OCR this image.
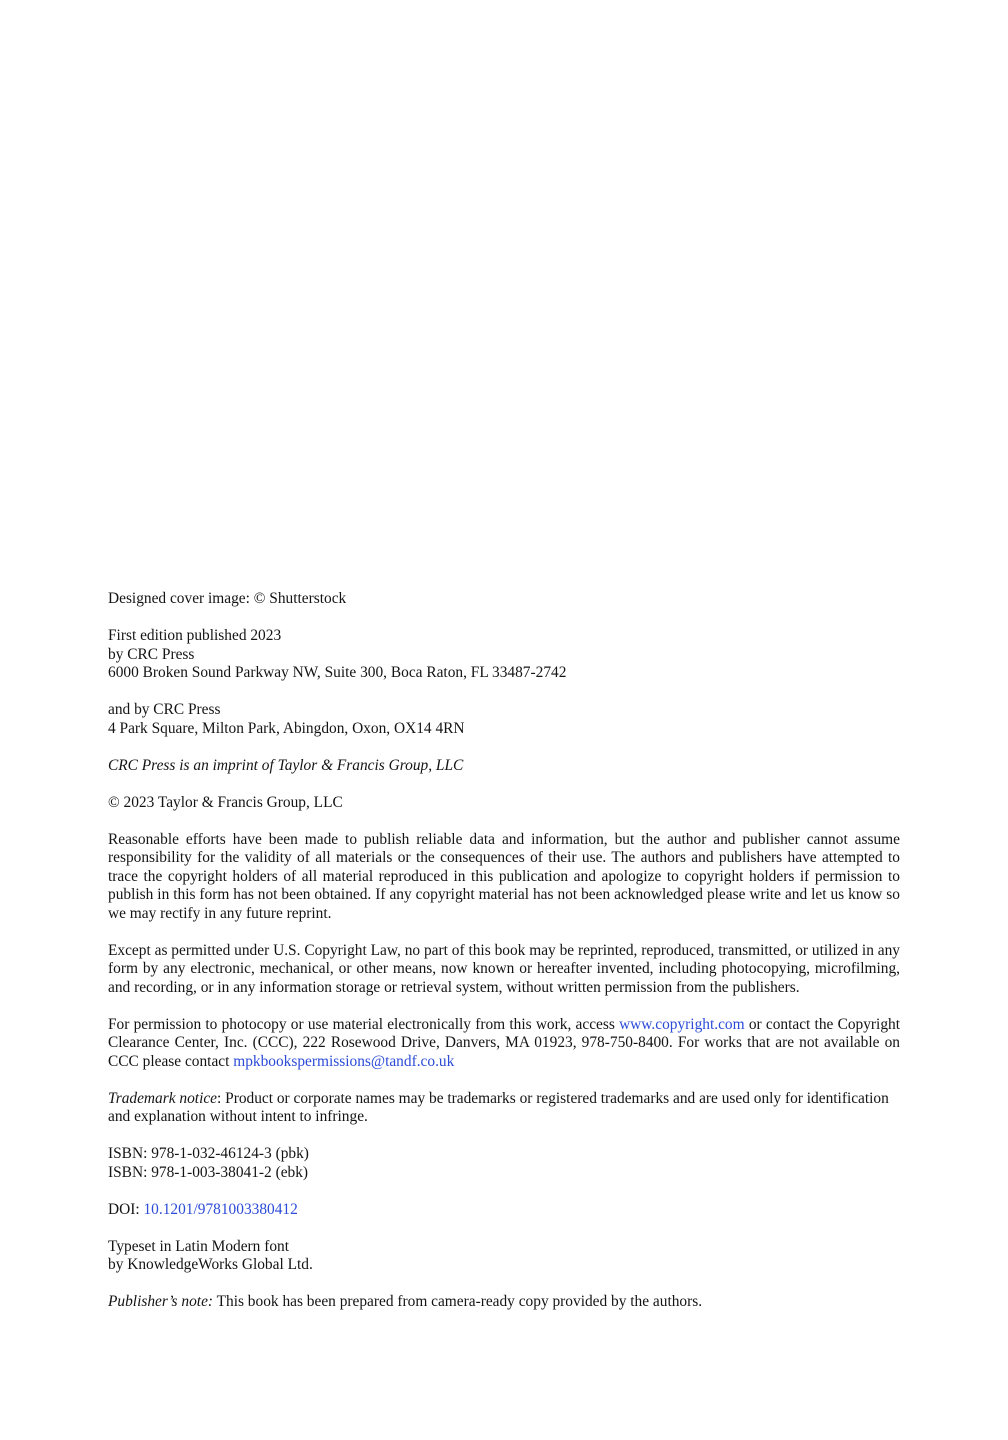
Designed cover image: © Shutterstock
First edition published 2023
by CRC Press
6000 Broken Sound Parkway NW, Suite 300, Boca Raton, FL 33487-2742
and by CRC Press
4 Park Square, Milton Park, Abingdon, Oxon, OX14 4RN
CRC Press is an imprint of Taylor & Francis Group, LLC
© 2023 Taylor & Francis Group, LLC
Reasonable efforts have been made to publish reliable data and information, but the author and publisher cannot assume responsibility for the validity of all materials or the consequences of their use. The authors and publishers have attempted to trace the copyright holders of all material reproduced in this publication and apologize to copyright holders if permission to publish in this form has not been obtained. If any copyright material has not been acknowledged please write and let us know so we may rectify in any future reprint.
Except as permitted under U.S. Copyright Law, no part of this book may be reprinted, reproduced, transmitted, or utilized in any form by any electronic, mechanical, or other means, now known or hereafter invented, including photocopying, microfilming, and recording, or in any information storage or retrieval system, without written permission from the publishers.
For permission to photocopy or use material electronically from this work, access www.copyright.com or contact the Copyright Clearance Center, Inc. (CCC), 222 Rosewood Drive, Danvers, MA 01923, 978-750-8400. For works that are not available on CCC please contact mpkbookspermissions@tandf.co.uk
Trademark notice: Product or corporate names may be trademarks or registered trademarks and are used only for identification and explanation without intent to infringe.
ISBN: 978-1-032-46124-3 (pbk)
ISBN: 978-1-003-38041-2 (ebk)
DOI: 10.1201/9781003380412
Typeset in Latin Modern font
by KnowledgeWorks Global Ltd.
Publisher’s note: This book has been prepared from camera-ready copy provided by the authors.
